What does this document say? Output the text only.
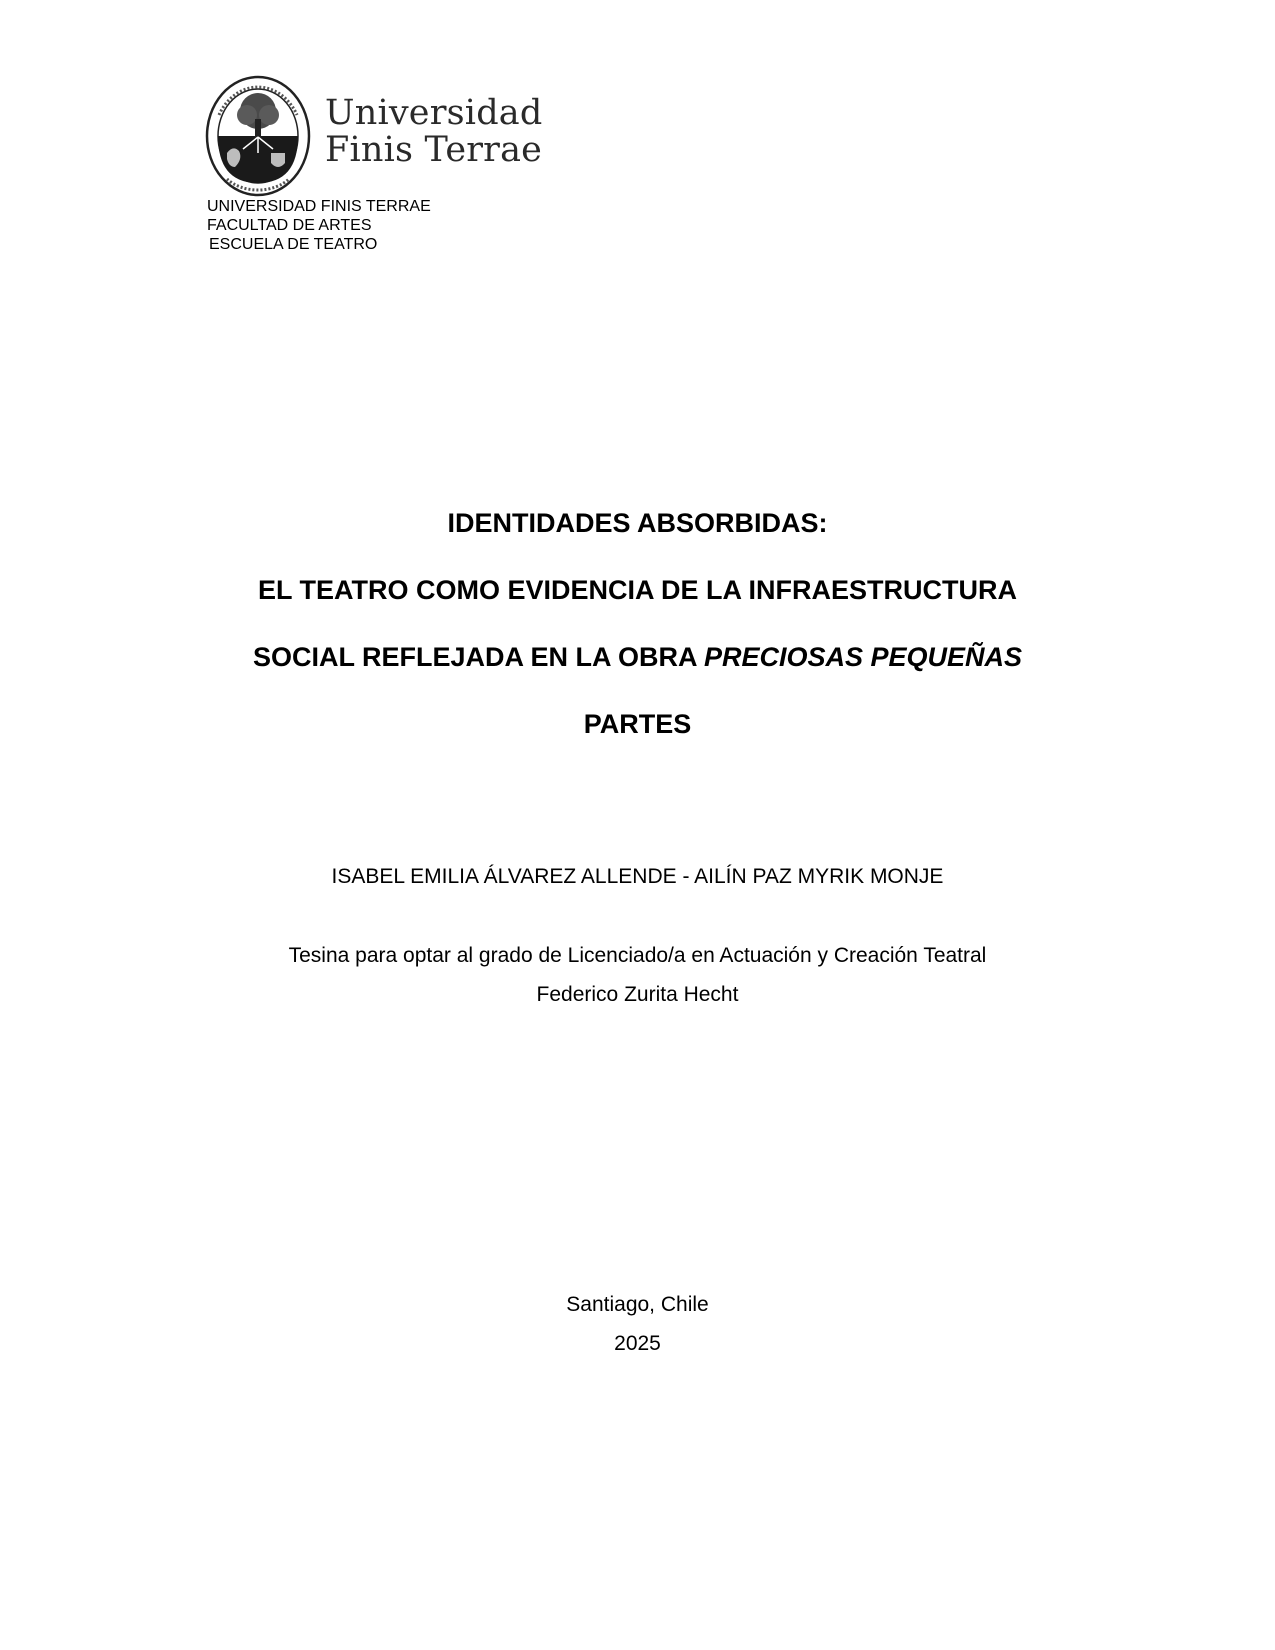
Universidad
Finis Terrae
UNIVERSIDAD FINIS TERRAE
FACULTAD DE ARTES
ESCUELA DE TEATRO
IDENTIDADES ABSORBIDAS:
EL TEATRO COMO EVIDENCIA DE LA INFRAESTRUCTURA
SOCIAL REFLEJADA EN LA OBRA PRECIOSAS PEQUEÑAS
PARTES
ISABEL EMILIA ÁLVAREZ ALLENDE - AILÍN PAZ MYRIK MONJE
Tesina para optar al grado de Licenciado/a en Actuación y Creación Teatral
Federico Zurita Hecht
Santiago, Chile
2025
